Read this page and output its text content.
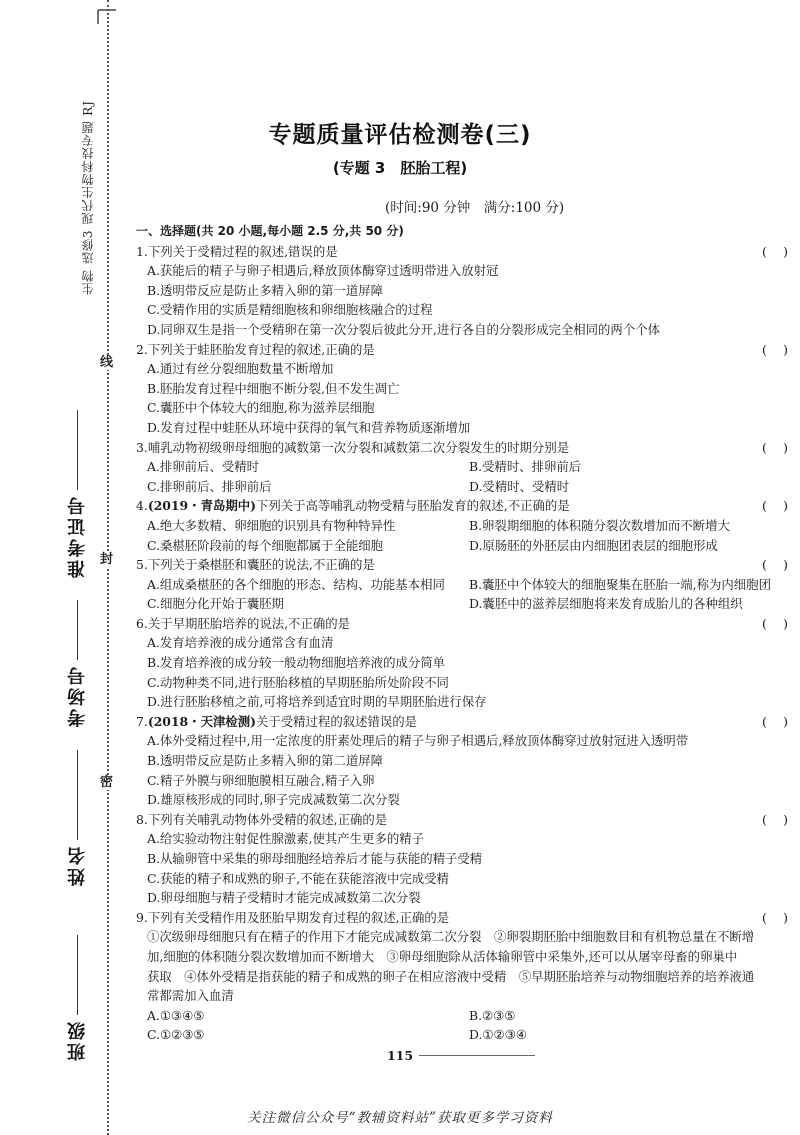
生物 选修3 现代生物科技专题 RJ
线
封
密
准考证号
考场号
姓名
班级
专题质量评估检测卷(三)
(专题 3　胚胎工程)
(时间:90 分钟　满分:100 分)
一、选择题(共 20 小题,每小题 2.5 分,共 50 分)
1.下列关于受精过程的叙述,错误的是	(　)
A.获能后的精子与卵子相遇后,释放顶体酶穿过透明带进入放射冠
B.透明带反应是防止多精入卵的第一道屏障
C.受精作用的实质是精细胞核和卵细胞核融合的过程
D.同卵双生是指一个受精卵在第一次分裂后彼此分开,进行各自的分裂形成完全相同的两个个体
2.下列关于蛙胚胎发育过程的叙述,正确的是	(　)
A.通过有丝分裂细胞数量不断增加
B.胚胎发育过程中细胞不断分裂,但不发生凋亡
C.囊胚中个体较大的细胞,称为滋养层细胞
D.发育过程中蛙胚从环境中获得的氧气和营养物质逐渐增加
3.哺乳动物初级卵母细胞的减数第一次分裂和减数第二次分裂发生的时期分别是	(　)
A.排卵前后、受精时	B.受精时、排卵前后
C.排卵前后、排卵前后	D.受精时、受精时
4.(2019・青岛期中)下列关于高等哺乳动物受精与胚胎发育的叙述,不正确的是	(　)
A.绝大多数精、卵细胞的识别具有物种特异性	B.卵裂期细胞的体积随分裂次数增加而不断增大
C.桑椹胚阶段前的每个细胞都属于全能细胞	D.原肠胚的外胚层由内细胞团表层的细胞形成
5.下列关于桑椹胚和囊胚的说法,不正确的是	(　)
A.组成桑椹胚的各个细胞的形态、结构、功能基本相同	B.囊胚中个体较大的细胞聚集在胚胎一端,称为内细胞团
C.细胞分化开始于囊胚期	D.囊胚中的滋养层细胞将来发育成胎儿的各种组织
6.关于早期胚胎培养的说法,不正确的是	(　)
A.发育培养液的成分通常含有血清
B.发育培养液的成分较一般动物细胞培养液的成分简单
C.动物种类不同,进行胚胎移植的早期胚胎所处阶段不同
D.进行胚胎移植之前,可将培养到适宜时期的早期胚胎进行保存
7.(2018・天津检测)关于受精过程的叙述错误的是	(　)
A.体外受精过程中,用一定浓度的肝素处理后的精子与卵子相遇后,释放顶体酶穿过放射冠进入透明带
B.透明带反应是防止多精入卵的第二道屏障
C.精子外膜与卵细胞膜相互融合,精子入卵
D.雄原核形成的同时,卵子完成减数第二次分裂
8.下列有关哺乳动物体外受精的叙述,正确的是	(　)
A.给实验动物注射促性腺激素,使其产生更多的精子
B.从输卵管中采集的卵母细胞经培养后才能与获能的精子受精
C.获能的精子和成熟的卵子,不能在获能溶液中完成受精
D.卵母细胞与精子受精时才能完成减数第二次分裂
9.下列有关受精作用及胚胎早期发育过程的叙述,正确的是	(　)
①次级卵母细胞只有在精子的作用下才能完成减数第二次分裂　②卵裂期胚胎中细胞数目和有机物总量在不断增
加,细胞的体积随分裂次数增加而不断增大　③卵母细胞除从活体输卵管中采集外,还可以从屠宰母畜的卵巢中
获取　④体外受精是指获能的精子和成熟的卵子在相应溶液中受精　⑤早期胚胎培养与动物细胞培养的培养液通
常都需加入血清
A.①③④⑤	B.②③⑤
C.①②③⑤	D.①②③④
115
关注微信公众号“教辅资料站”获取更多学习资料
